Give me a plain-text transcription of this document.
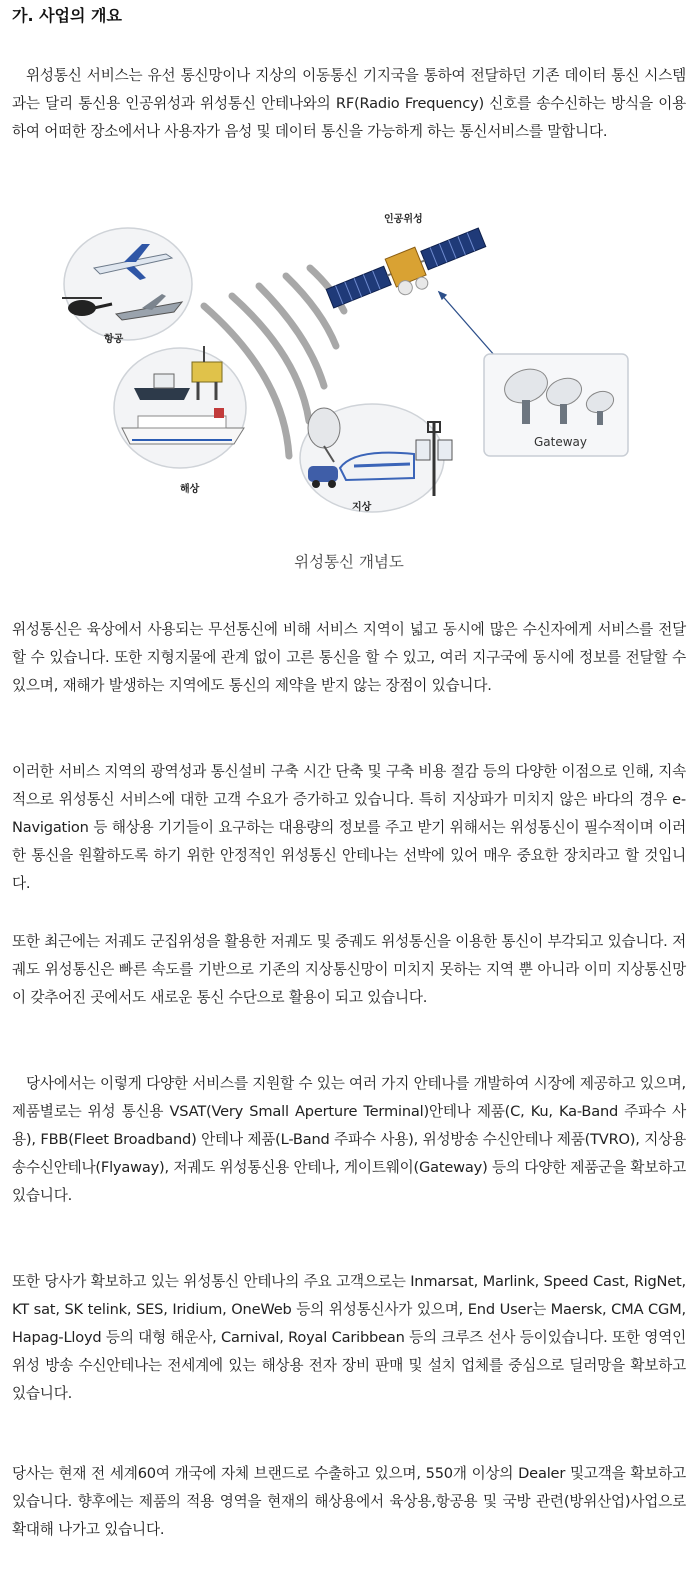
가. 사업의 개요
위성통신 서비스는 유선 통신망이나 지상의 이동통신 기지국을 통하여 전달하던 기존 데이터 통신 시스템과는 달리 통신용 인공위성과 위성통신 안테나와의 RF(Radio Frequency) 신호를 송수신하는 방식을 이용하여 어떠한 장소에서나 사용자가 음성 및 데이터 통신을 가능하게 하는 통신서비스를 말합니다.
인공위성
항공
해상
지상
Gateway
위성통신 개념도
위성통신은 육상에서 사용되는 무선통신에 비해 서비스 지역이 넓고 동시에 많은 수신자에게 서비스를 전달할 수 있습니다. 또한 지형지물에 관계 없이 고른 통신을 할 수 있고, 여러 지구국에 동시에 정보를 전달할 수 있으며, 재해가 발생하는 지역에도 통신의 제약을 받지 않는 장점이 있습니다.
이러한 서비스 지역의 광역성과 통신설비 구축 시간 단축 및 구축 비용 절감 등의 다양한 이점으로 인해, 지속적으로 위성통신 서비스에 대한 고객 수요가 증가하고 있습니다. 특히 지상파가 미치지 않은 바다의 경우 e-Navigation 등 해상용 기기들이 요구하는 대용량의 정보를 주고 받기 위해서는 위성통신이 필수적이며 이러한 통신을 원활하도록 하기 위한 안정적인 위성통신 안테나는 선박에 있어 매우 중요한 장치라고 할 것입니다.
또한 최근에는 저궤도 군집위성을 활용한 저궤도 및 중궤도 위성통신을 이용한 통신이 부각되고 있습니다. 저궤도 위성통신은 빠른 속도를 기반으로 기존의 지상통신망이 미치지 못하는 지역 뿐 아니라 이미 지상통신망이 갖추어진 곳에서도 새로운 통신 수단으로 활용이 되고 있습니다.
당사에서는 이렇게 다양한 서비스를 지원할 수 있는 여러 가지 안테나를 개발하여 시장에 제공하고 있으며, 제품별로는 위성 통신용 VSAT(Very Small Aperture Terminal)안테나 제품(C, Ku, Ka-Band 주파수 사용), FBB(Fleet Broadband) 안테나 제품(L-Band 주파수 사용), 위성방송 수신안테나 제품(TVRO), 지상용 송수신안테나(Flyaway), 저궤도 위성통신용 안테나, 게이트웨이(Gateway) 등의 다양한 제품군을 확보하고 있습니다.
또한 당사가 확보하고 있는 위성통신 안테나의 주요 고객으로는 Inmarsat, Marlink, Speed Cast, RigNet, KT sat, SK telink, SES, Iridium, OneWeb 등의 위성통신사가 있으며, End User는 Maersk, CMA CGM, Hapag-Lloyd 등의 대형 해운사, Carnival, Royal Caribbean 등의 크루즈 선사 등이있습니다. 또한 영역인 위성 방송 수신안테나는 전세계에 있는 해상용 전자 장비 판매 및 설치 업체를 중심으로 딜러망을 확보하고 있습니다.
당사는 현재 전 세계60여 개국에 자체 브랜드로 수출하고 있으며, 550개 이상의 Dealer 및고객을 확보하고 있습니다. 향후에는 제품의 적용 영역을 현재의 해상용에서 육상용,항공용 및 국방 관련(방위산업)사업으로 확대해 나가고 있습니다.
